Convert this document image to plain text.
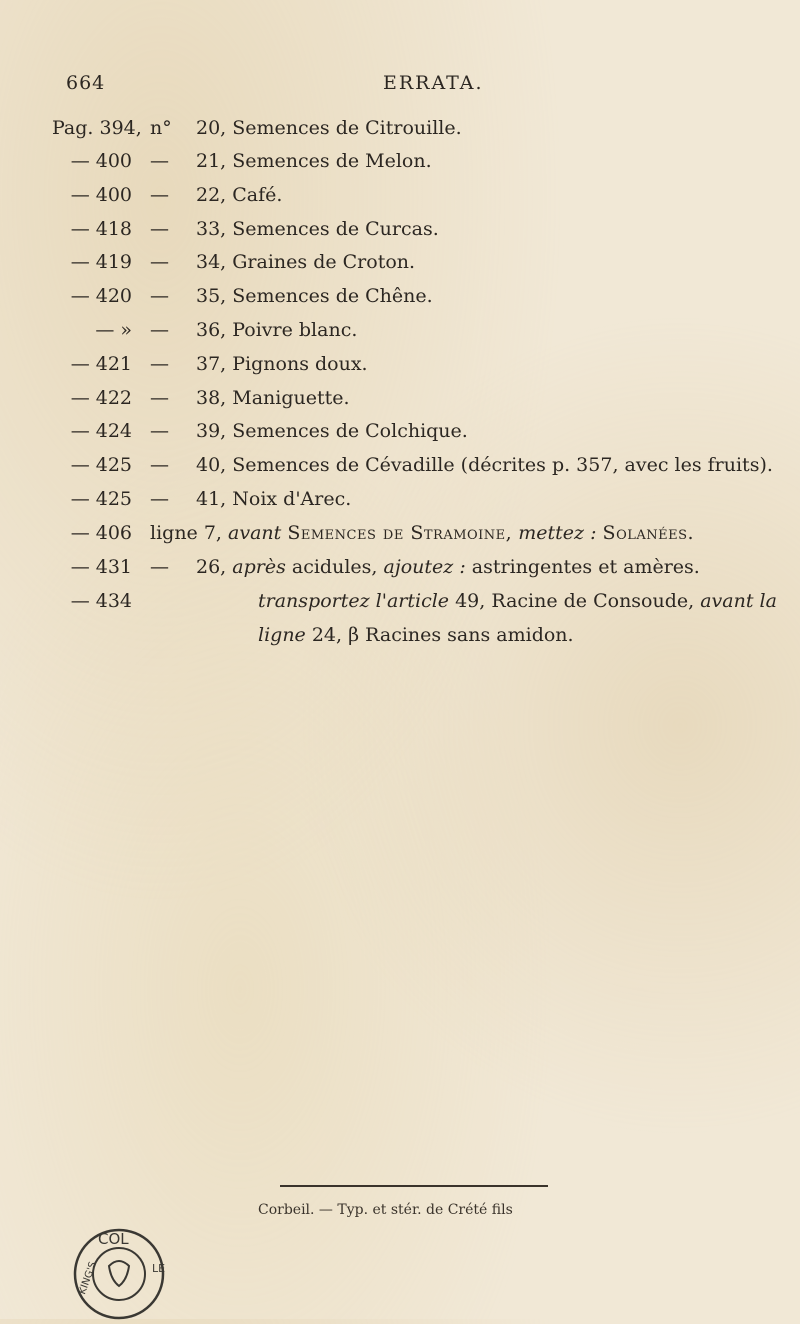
664	ERRATA.
Pag. 394, n° 20, Semences de Citrouille.
— 400 — 21, Semences de Melon.
— 400 — 22, Café.
— 418 — 33, Semences de Curcas.
— 419 — 34, Graines de Croton.
— 420 — 35, Semences de Chêne.
— » — 36, Poivre blanc.
— 421 — 37, Pignons doux.
— 422 — 38, Maniguette.
— 424 — 39, Semences de Colchique.
— 425 — 40, Semences de Cévadille (décrites p. 357, avec les fruits).
— 425 — 41, Noix d'Arec.
— 406 ligne 7, avant Semences de Stramoine, mettez : Solanées.
— 431 — 26, après acidules, ajoutez : astringentes et amères.
— 434	transportez l'article 49, Racine de Consoude, avant la
ligne 24, β Racines sans amidon.
Corbeil. — Typ. et stér. de Crété fils
COL
KING'S	LE
